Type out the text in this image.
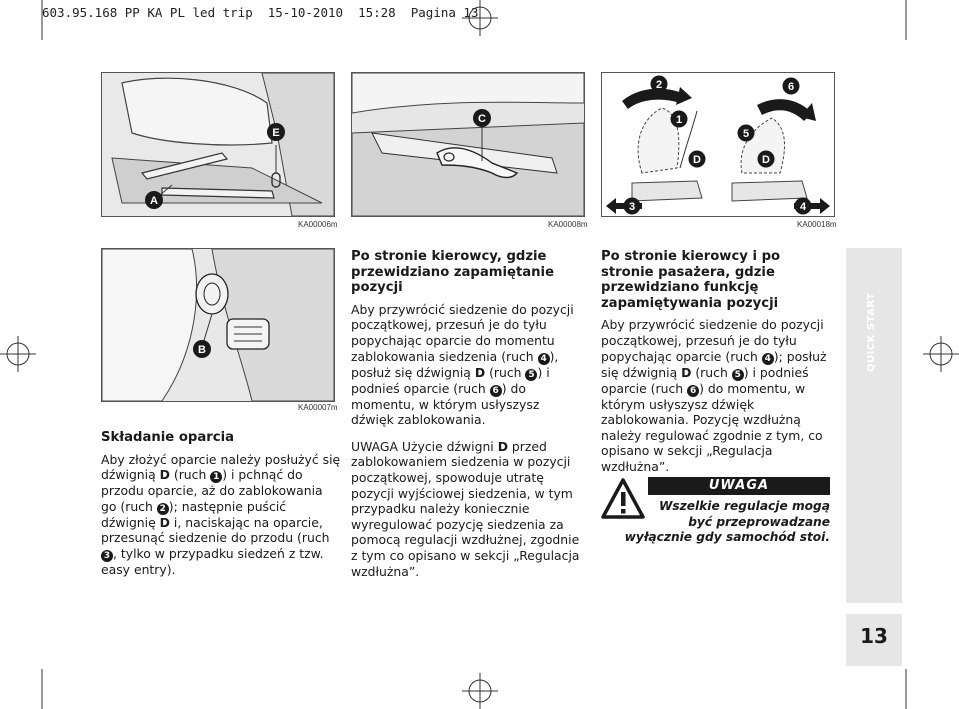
603.95.168 PP KA PL led trip  15-10-2010  15:28  Pagina 13
E
A
KA00006m
C
KA00008m
2	6
1
5
D	D
3	4
KA00018m
B
KA00007m
Składanie oparcia

Aby złożyć oparcie należy posłużyć się dźwignią D (ruch 1 ) i pchnąć do przodu oparcie, aż do zablokowania go (ruch 2 ); następnie puścić dźwignię D i, naciskając na oparcie, przesunąć siedzenie do przodu (ruch 3 , tylko w przypadku siedzeń z tzw. easy entry).

Po stronie kierowcy, gdzie przewidziano zapamiętanie pozycji

Aby przywrócić siedzenie do pozycji początkowej, przesuń je do tyłu popychając oparcie do momentu zablokowania siedzenia (ruch 4 ), posłuż się dźwignią D (ruch 5 ) i podnieś oparcie (ruch 6 ) do momentu, w którym usłyszysz dźwięk zablokowania.

UWAGA Użycie dźwigni D przed zablokowaniem siedzenia w pozycji początkowej, spowoduje utratę pozycji wyjściowej siedzenia, w tym przypadku należy koniecznie wyregulować pozycję siedzenia za pomocą regulacji wzdłużnej, zgodnie z tym co opisano w sekcji „Regulacja wzdłużna”.

Po stronie kierowcy i po stronie pasażera, gdzie przewidziano funkcję zapamiętywania pozycji

Aby przywrócić siedzenie do pozycji początkowej, przesuń je do tyłu popychając oparcie (ruch 4 ); posłuż się dźwignią D (ruch 5 ) i podnieś oparcie (ruch 6 ) do momentu, w którym usłyszysz dźwięk zablokowania. Pozycję wzdłużną należy regulować zgodnie z tym, co opisano w sekcji „Regulacja wzdłużna”.

UWAGA
Wszelkie regulacje mogą
być przeprowadzane
wyłącznie gdy samochód stoi.
QUICK START
13
